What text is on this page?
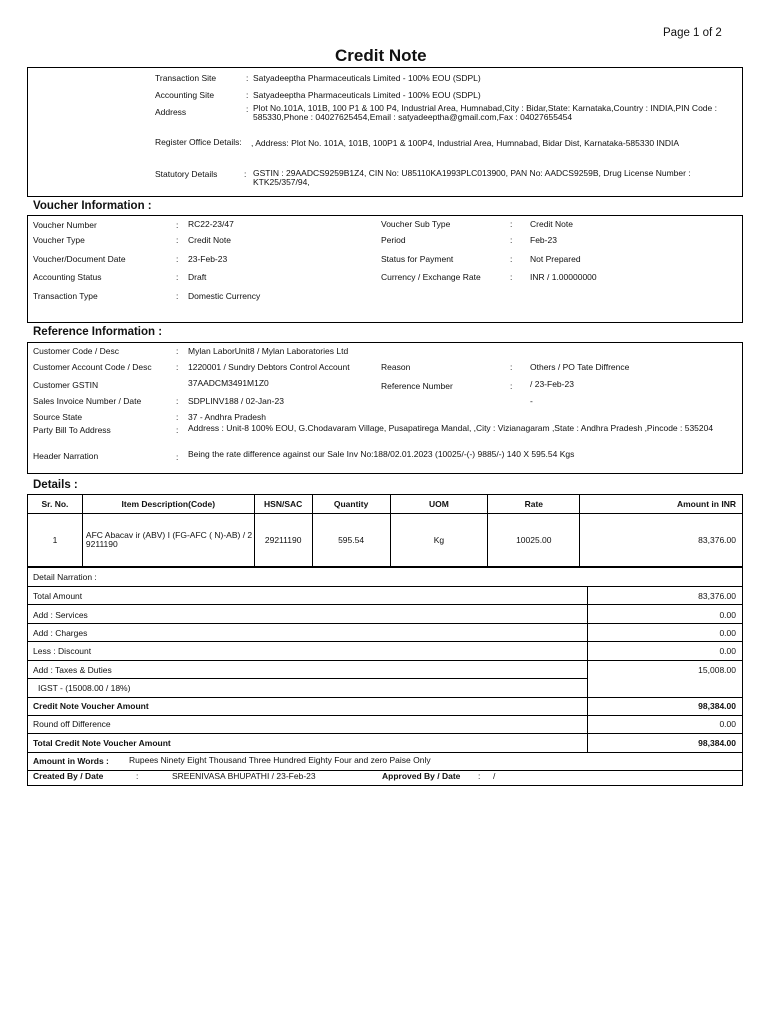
Page 1 of 2
Credit Note
Transaction Site	: Satyadeeptha Pharmaceuticals Limited - 100% EOU (SDPL)
Accounting Site	: Satyadeeptha Pharmaceuticals Limited - 100% EOU (SDPL)
Address	: Plot No.101A, 101B, 100 P1 & 100 P4, Industrial Area, Humnabad,City : Bidar,State: Karnataka,Country : INDIA,PIN Code : 585330,Phone : 04027625454,Email : satyadeeptha@gmail.com,Fax : 04027655454
Register Office Details: , Address: Plot No. 101A, 101B, 100P1 & 100P4, Industrial Area, Humnabad, Bidar Dist, Karnataka-585330 INDIA
Statutory Details	: GSTIN : 29AADCS9259B1Z4, CIN No: U85110KA1993PLC013900, PAN No: AADCS9259B, Drug License Number : KTK25/357/94,
Voucher Information :
Voucher Number	: RC22-23/47
Voucher Type	: Credit Note
Voucher/Document Date	: 23-Feb-23
Accounting Status	: Draft
Transaction Type	: Domestic Currency
Voucher Sub Type	: Credit Note
Period	: Feb-23
Status for Payment	: Not Prepared
Currency / Exchange Rate	: INR / 1.00000000
Reference Information :
Customer Code / Desc	: Mylan LaborUnit8 / Mylan Laboratories Ltd
Customer Account Code / Desc	: 1220001 / Sundry Debtors Control Account
Customer GSTIN	37AADCM3491M1Z0
Sales Invoice Number / Date	: SDPLINV188 / 02-Jan-23
Source State	: 37 - Andhra Pradesh
Party Bill To Address	: Address : Unit-8 100% EOU, G.Chodavaram Village, Pusapatirega Mandal, ,City : Vizianagaram ,State : Andhra Pradesh ,Pincode : 535204
Header Narration	: Being the rate difference against our Sale Inv No:188/02.01.2023 (10025/-(-) 9885/-) 140 X 595.54 Kgs
Reason	: Others / PO Tate Diffrence
Reference Number	: / 23-Feb-23
-
Details :
Sr. No.	Item Description(Code)	HSN/SAC	Quantity	UOM	Rate	Amount in INR
1	AFC Abacav ir (ABV) I (FG-AFC ( N)-AB) / 2 9211190	29211190	595.54	Kg	10025.00	83,376.00
Detail Narration :
Total Amount	83,376.00
Add : Services	0.00
Add : Charges	0.00
Less : Discount	0.00
Add : Taxes & Duties	15,008.00
IGST - (15008.00 / 18%)
Credit Note Voucher Amount	98,384.00
Round off Difference	0.00
Total Credit Note Voucher Amount	98,384.00
Amount in Words : Rupees Ninety Eight Thousand Three Hundred Eighty Four and zero Paise Only
Created By / Date	:	SREENIVASA BHUPATHI / 23-Feb-23	Approved By / Date : /
